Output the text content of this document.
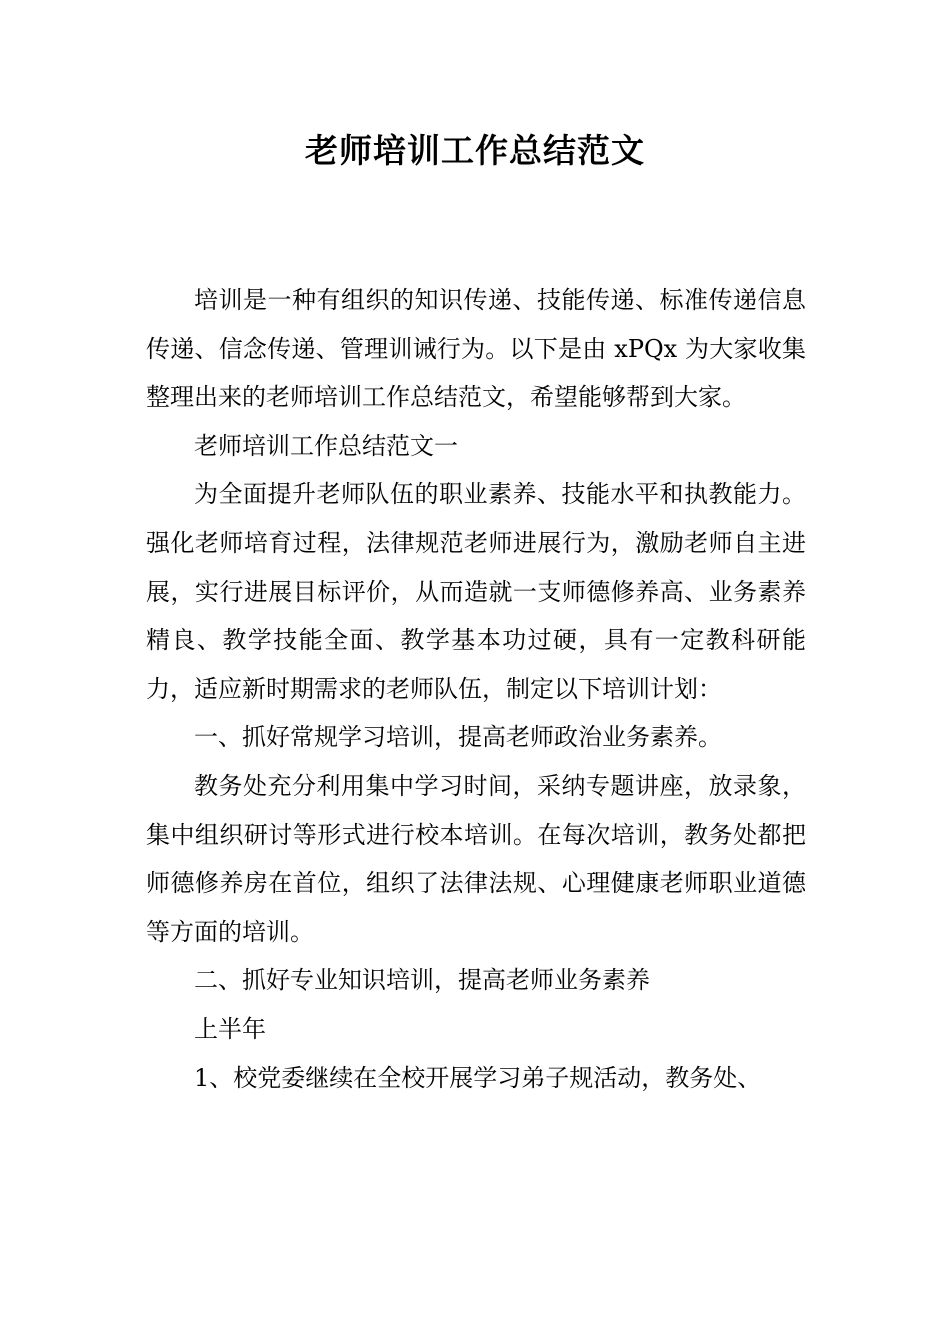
老师培训工作总结范文

培训是一种有组织的知识传递、技能传递、标准传递信息传递、信念传递、管理训诫行为。以下是由 xPQx 为大家收集整理出来的老师培训工作总结范文，希望能够帮到大家。

老师培训工作总结范文一

为全面提升老师队伍的职业素养、技能水平和执教能力。强化老师培育过程，法律规范老师进展行为，激励老师自主进展，实行进展目标评价，从而造就一支师德修养高、业务素养精良、教学技能全面、教学基本功过硬，具有一定教科研能力，适应新时期需求的老师队伍，制定以下培训计划：

一、抓好常规学习培训，提高老师政治业务素养。

教务处充分利用集中学习时间，采纳专题讲座，放录象，集中组织研讨等形式进行校本培训。在每次培训，教务处都把师德修养房在首位，组织了法律法规、心理健康老师职业道德等方面的培训。

二、抓好专业知识培训，提高老师业务素养

上半年

1、校党委继续在全校开展学习弟子规活动，教务处、
